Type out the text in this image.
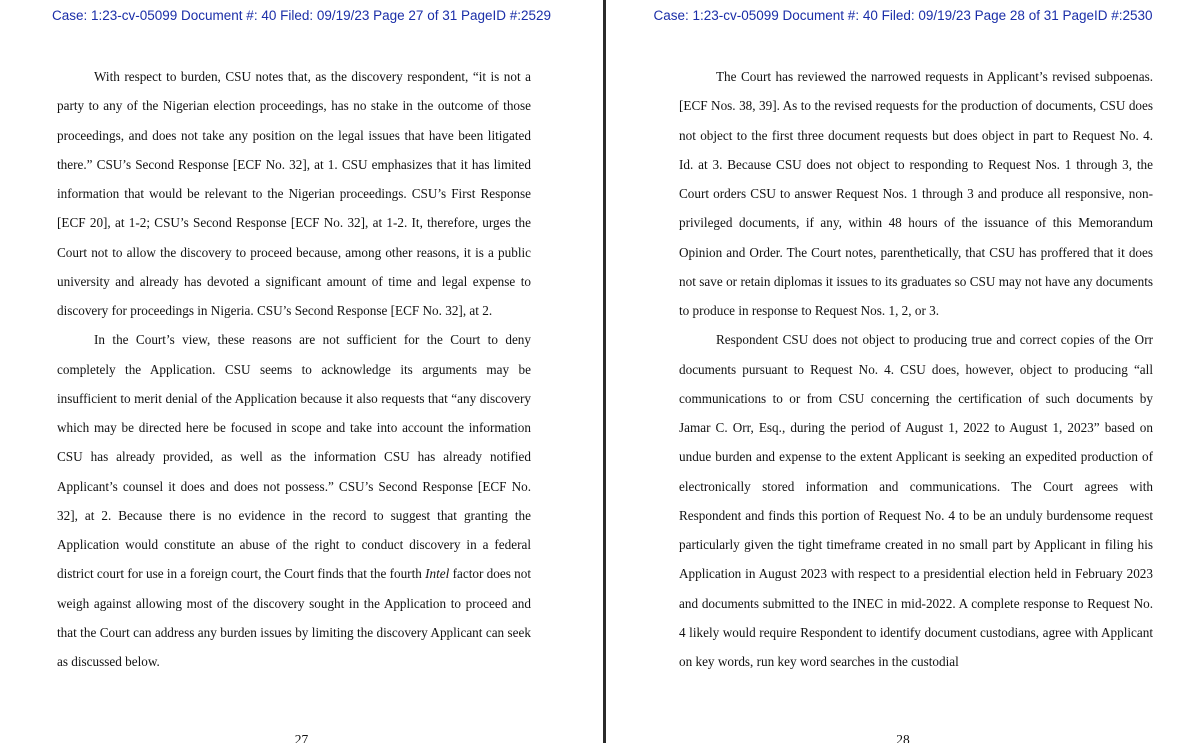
Case: 1:23-cv-05099 Document #: 40 Filed: 09/19/23 Page 27 of 31 PageID #:2529

With respect to burden, CSU notes that, as the discovery respondent, “it is not a party to any of the Nigerian election proceedings, has no stake in the outcome of those proceedings, and does not take any position on the legal issues that have been litigated there.” CSU’s Second Response [ECF No. 32], at 1. CSU emphasizes that it has limited information that would be relevant to the Nigerian proceedings. CSU’s First Response [ECF 20], at 1-2; CSU’s Second Response [ECF No. 32], at 1-2. It, therefore, urges the Court not to allow the discovery to proceed because, among other reasons, it is a public university and already has devoted a significant amount of time and legal expense to discovery for proceedings in Nigeria. CSU’s Second Response [ECF No. 32], at 2.

In the Court’s view, these reasons are not sufficient for the Court to deny completely the Application. CSU seems to acknowledge its arguments may be insufficient to merit denial of the Application because it also requests that “any discovery which may be directed here be focused in scope and take into account the information CSU has already provided, as well as the information CSU has already notified Applicant’s counsel it does and does not possess.” CSU’s Second Response [ECF No. 32], at 2. Because there is no evidence in the record to suggest that granting the Application would constitute an abuse of the right to conduct discovery in a federal district court for use in a foreign court, the Court finds that the fourth Intel factor does not weigh against allowing most of the discovery sought in the Application to proceed and that the Court can address any burden issues by limiting the discovery Applicant can seek as discussed below.

27
Case: 1:23-cv-05099 Document #: 40 Filed: 09/19/23 Page 28 of 31 PageID #:2530

The Court has reviewed the narrowed requests in Applicant’s revised subpoenas. [ECF Nos. 38, 39]. As to the revised requests for the production of documents, CSU does not object to the first three document requests but does object in part to Request No. 4. Id. at 3. Because CSU does not object to responding to Request Nos. 1 through 3, the Court orders CSU to answer Request Nos. 1 through 3 and produce all responsive, non-privileged documents, if any, within 48 hours of the issuance of this Memorandum Opinion and Order. The Court notes, parenthetically, that CSU has proffered that it does not save or retain diplomas it issues to its graduates so CSU may not have any documents to produce in response to Request Nos. 1, 2, or 3.

Respondent CSU does not object to producing true and correct copies of the Orr documents pursuant to Request No. 4. CSU does, however, object to producing “all communications to or from CSU concerning the certification of such documents by Jamar C. Orr, Esq., during the period of August 1, 2022 to August 1, 2023” based on undue burden and expense to the extent Applicant is seeking an expedited production of electronically stored information and communications. The Court agrees with Respondent and finds this portion of Request No. 4 to be an unduly burdensome request particularly given the tight timeframe created in no small part by Applicant in filing his Application in August 2023 with respect to a presidential election held in February 2023 and documents submitted to the INEC in mid-2022. A complete response to Request No. 4 likely would require Respondent to identify document custodians, agree with Applicant on key words, run key word searches in the custodial

28
